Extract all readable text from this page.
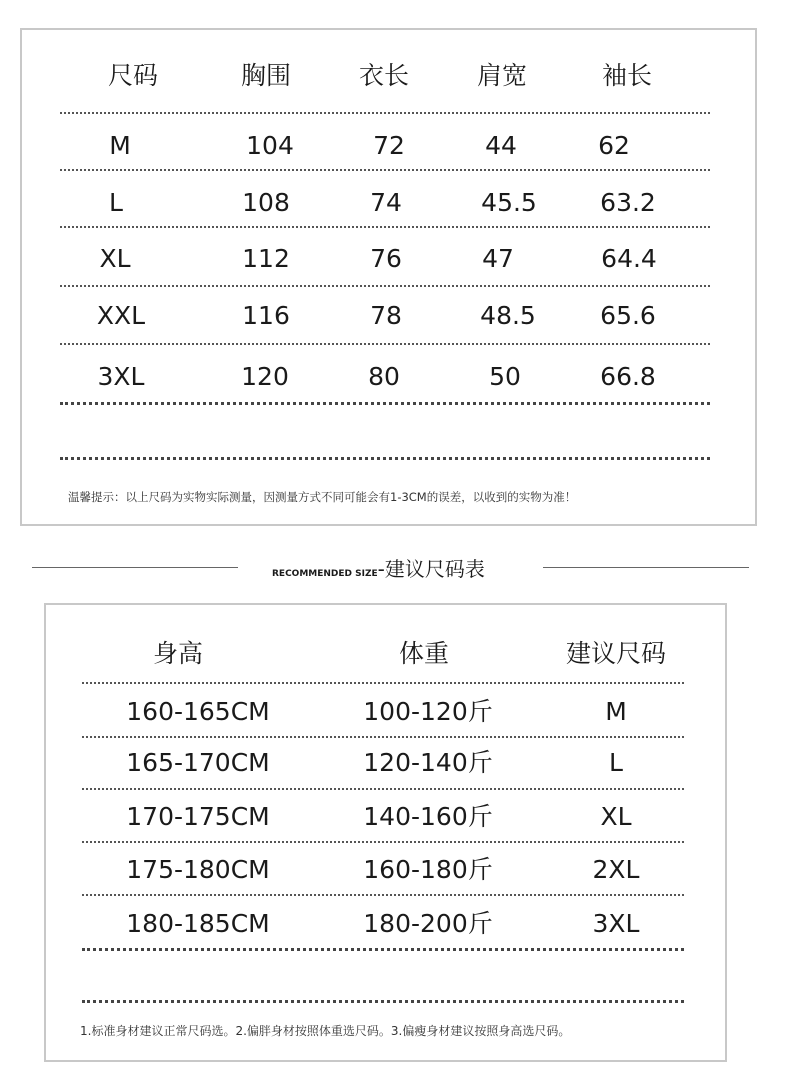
尺码	胸围	衣长	肩宽	袖长
M	104	72	44	62
L	108	74	45.5	63.2
XL	112	76	47	64.4
XXL	116	78	48.5	65.6
3XL	120	80	50	66.8
温馨提示：以上尺码为实物实际测量，因测量方式不同可能会有1-3CM的误差，以收到的实物为准！
RECOMMENDED SIZE-建议尺码表
身高	体重	建议尺码
160-165CM	100-120斤	M
165-170CM	120-140斤	L
170-175CM	140-160斤	XL
175-180CM	160-180斤	2XL
180-185CM	180-200斤	3XL
1.标准身材建议正常尺码选。2.偏胖身材按照体重选尺码。3.偏瘦身材建议按照身高选尺码。
